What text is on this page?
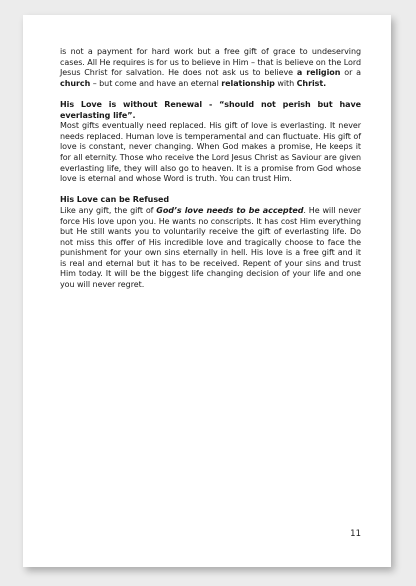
is not a payment for hard work but a free gift of grace to undeserving cases. All He requires is for us to believe in Him – that is believe on the Lord Jesus Christ for salvation. He does not ask us to believe a religion or a church – but come and have an eternal relationship with Christ.

His Love is without Renewal - “should not perish but have everlasting life”.

Most gifts eventually need replaced. His gift of love is everlasting. It never needs replaced. Human love is temperamental and can fluctuate. His gift of love is constant, never changing. When God makes a promise, He keeps it for all eternity. Those who receive the Lord Jesus Christ as Saviour are given everlasting life, they will also go to heaven. It is a promise from God whose love is eternal and whose Word is truth. You can trust Him.

His Love can be Refused

Like any gift, the gift of God’s love needs to be accepted. He will never force His love upon you. He wants no conscripts. It has cost Him everything but He still wants you to voluntarily receive the gift of everlasting life. Do not miss this offer of His incredible love and tragically choose to face the punishment for your own sins eternally in hell. His love is a free gift and it is real and eternal but it has to be received. Repent of your sins and trust Him today. It will be the biggest life changing decision of your life and one you will never regret.

11
